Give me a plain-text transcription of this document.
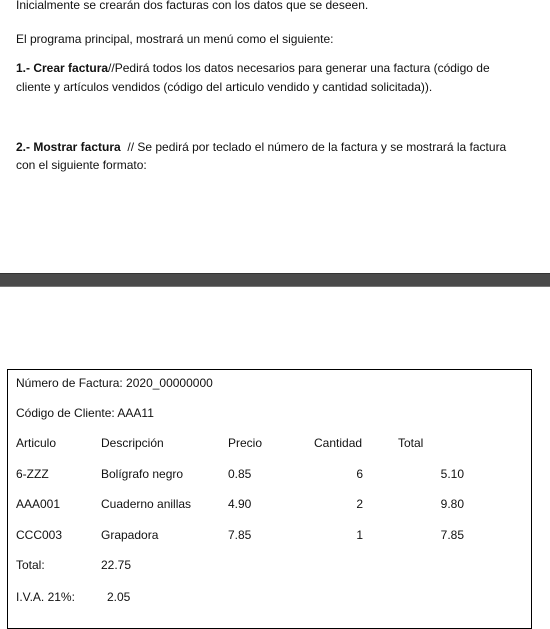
Inicialmente se crearán dos facturas con los datos que se deseen.
El programa principal, mostrará un menú como el siguiente:
1.- Crear factura//Pedirá todos los datos necesarios para generar una factura (código de
cliente y artículos vendidos (código del articulo vendido y cantidad solicitada)).
2.- Mostrar factura  // Se pedirá por teclado el número de la factura y se mostrará la factura
con el siguiente formato:
Número de Factura: 2020_00000000
Código de Cliente: AAA11
Articulo	Descripción	Precio	Cantidad	Total
6-ZZZ	Bolígrafo negro	0.85	6	5.10
AAA001	Cuaderno anillas	4.90	2	9.80
CCC003	Grapadora	7.85	1	7.85
Total:	22.75
I.V.A. 21%:	2.05
